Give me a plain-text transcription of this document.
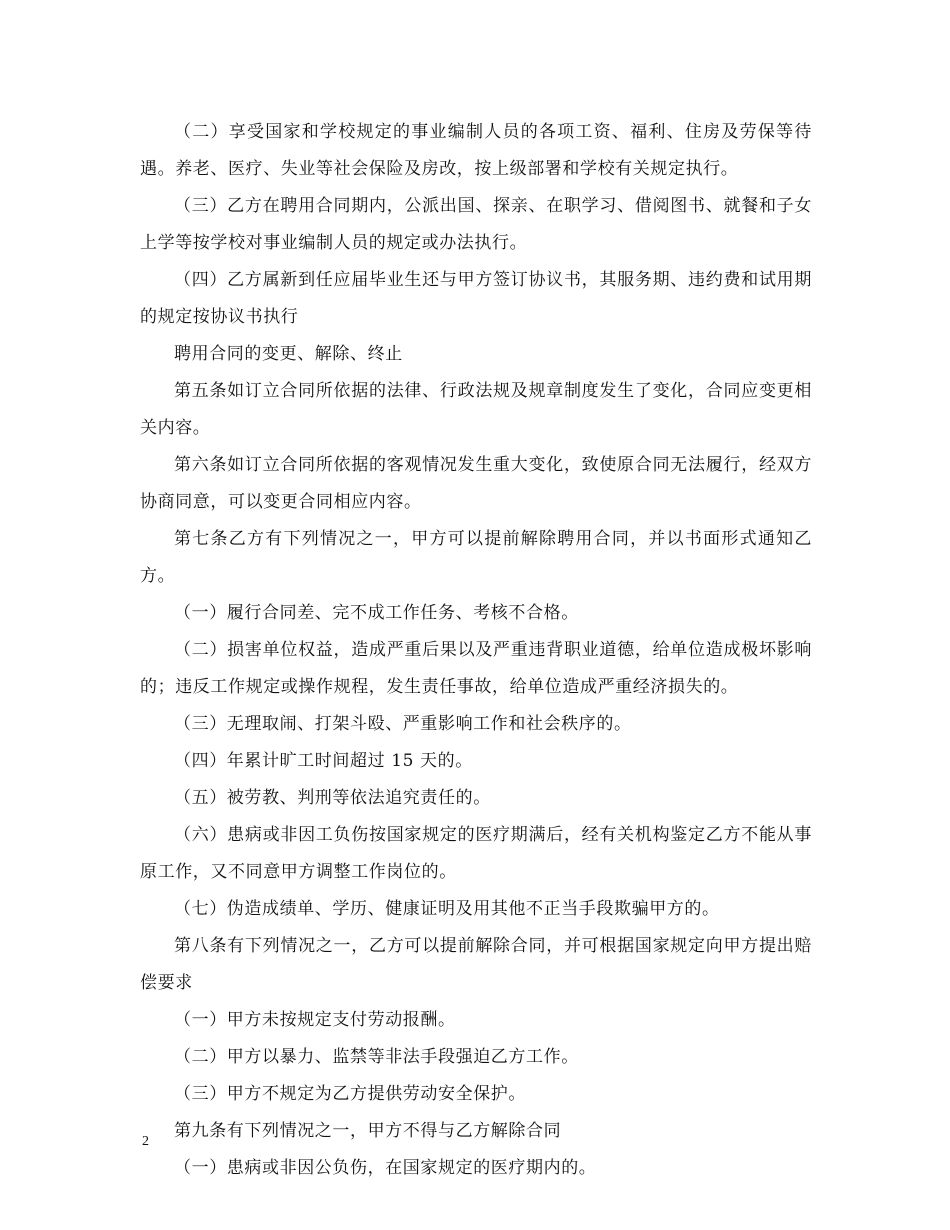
（二）享受国家和学校规定的事业编制人员的各项工资、福利、住房及劳保等待遇。养老、医疗、失业等社会保险及房改，按上级部署和学校有关规定执行。

（三）乙方在聘用合同期内，公派出国、探亲、在职学习、借阅图书、就餐和子女上学等按学校对事业编制人员的规定或办法执行。

（四）乙方属新到任应届毕业生还与甲方签订协议书，其服务期、违约费和试用期的规定按协议书执行

聘用合同的变更、解除、终止

第五条如订立合同所依据的法律、行政法规及规章制度发生了变化，合同应变更相关内容。

第六条如订立合同所依据的客观情况发生重大变化，致使原合同无法履行，经双方协商同意，可以变更合同相应内容。

第七条乙方有下列情况之一，甲方可以提前解除聘用合同，并以书面形式通知乙方。

（一）履行合同差、完不成工作任务、考核不合格。

（二）损害单位权益，造成严重后果以及严重违背职业道德，给单位造成极坏影响的；违反工作规定或操作规程，发生责任事故，给单位造成严重经济损失的。

（三）无理取闹、打架斗殴、严重影响工作和社会秩序的。

（四）年累计旷工时间超过 15 天的。

（五）被劳教、判刑等依法追究责任的。

（六）患病或非因工负伤按国家规定的医疗期满后，经有关机构鉴定乙方不能从事原工作，又不同意甲方调整工作岗位的。

（七）伪造成绩单、学历、健康证明及用其他不正当手段欺骗甲方的。

第八条有下列情况之一，乙方可以提前解除合同，并可根据国家规定向甲方提出赔偿要求

（一）甲方未按规定支付劳动报酬。

（二）甲方以暴力、监禁等非法手段强迫乙方工作。

（三）甲方不规定为乙方提供劳动安全保护。

第九条有下列情况之一，甲方不得与乙方解除合同

（一）患病或非因公负伤，在国家规定的医疗期内的。

2
